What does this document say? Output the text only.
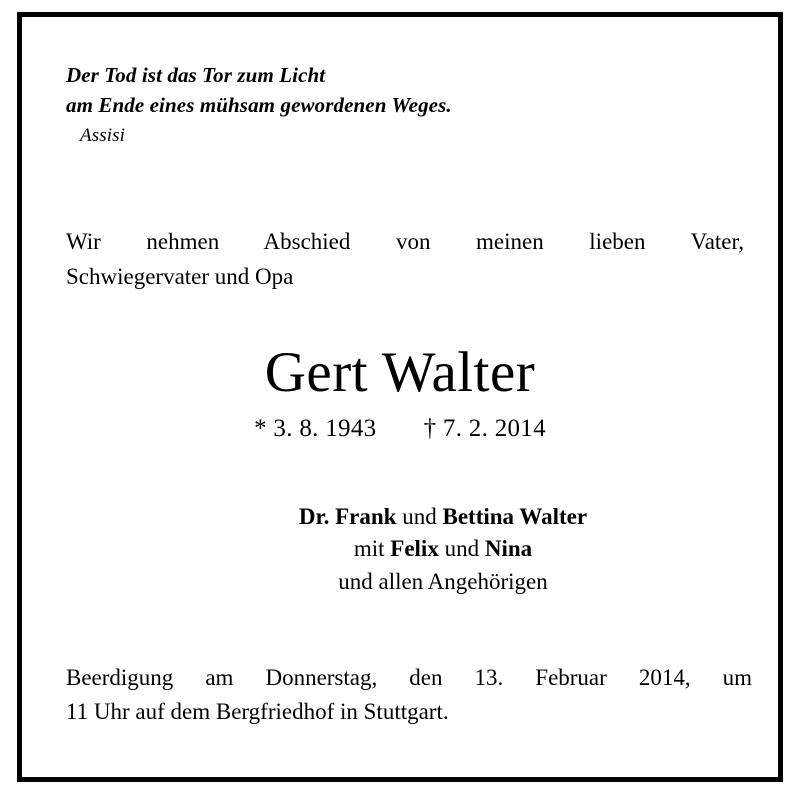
Der Tod ist das Tor zum Licht
am Ende eines mühsam gewordenen Weges.
Assisi
Wir nehmen Abschied von meinen lieben Vater,
Schwiegervater und Opa
Gert Walter
* 3. 8. 1943 † 7. 2. 2014
Dr. Frank und Bettina Walter
mit Felix und Nina
und allen Angehörigen
Beerdigung am Donnerstag, den 13. Februar 2014, um
11 Uhr auf dem Bergfriedhof in Stuttgart.
